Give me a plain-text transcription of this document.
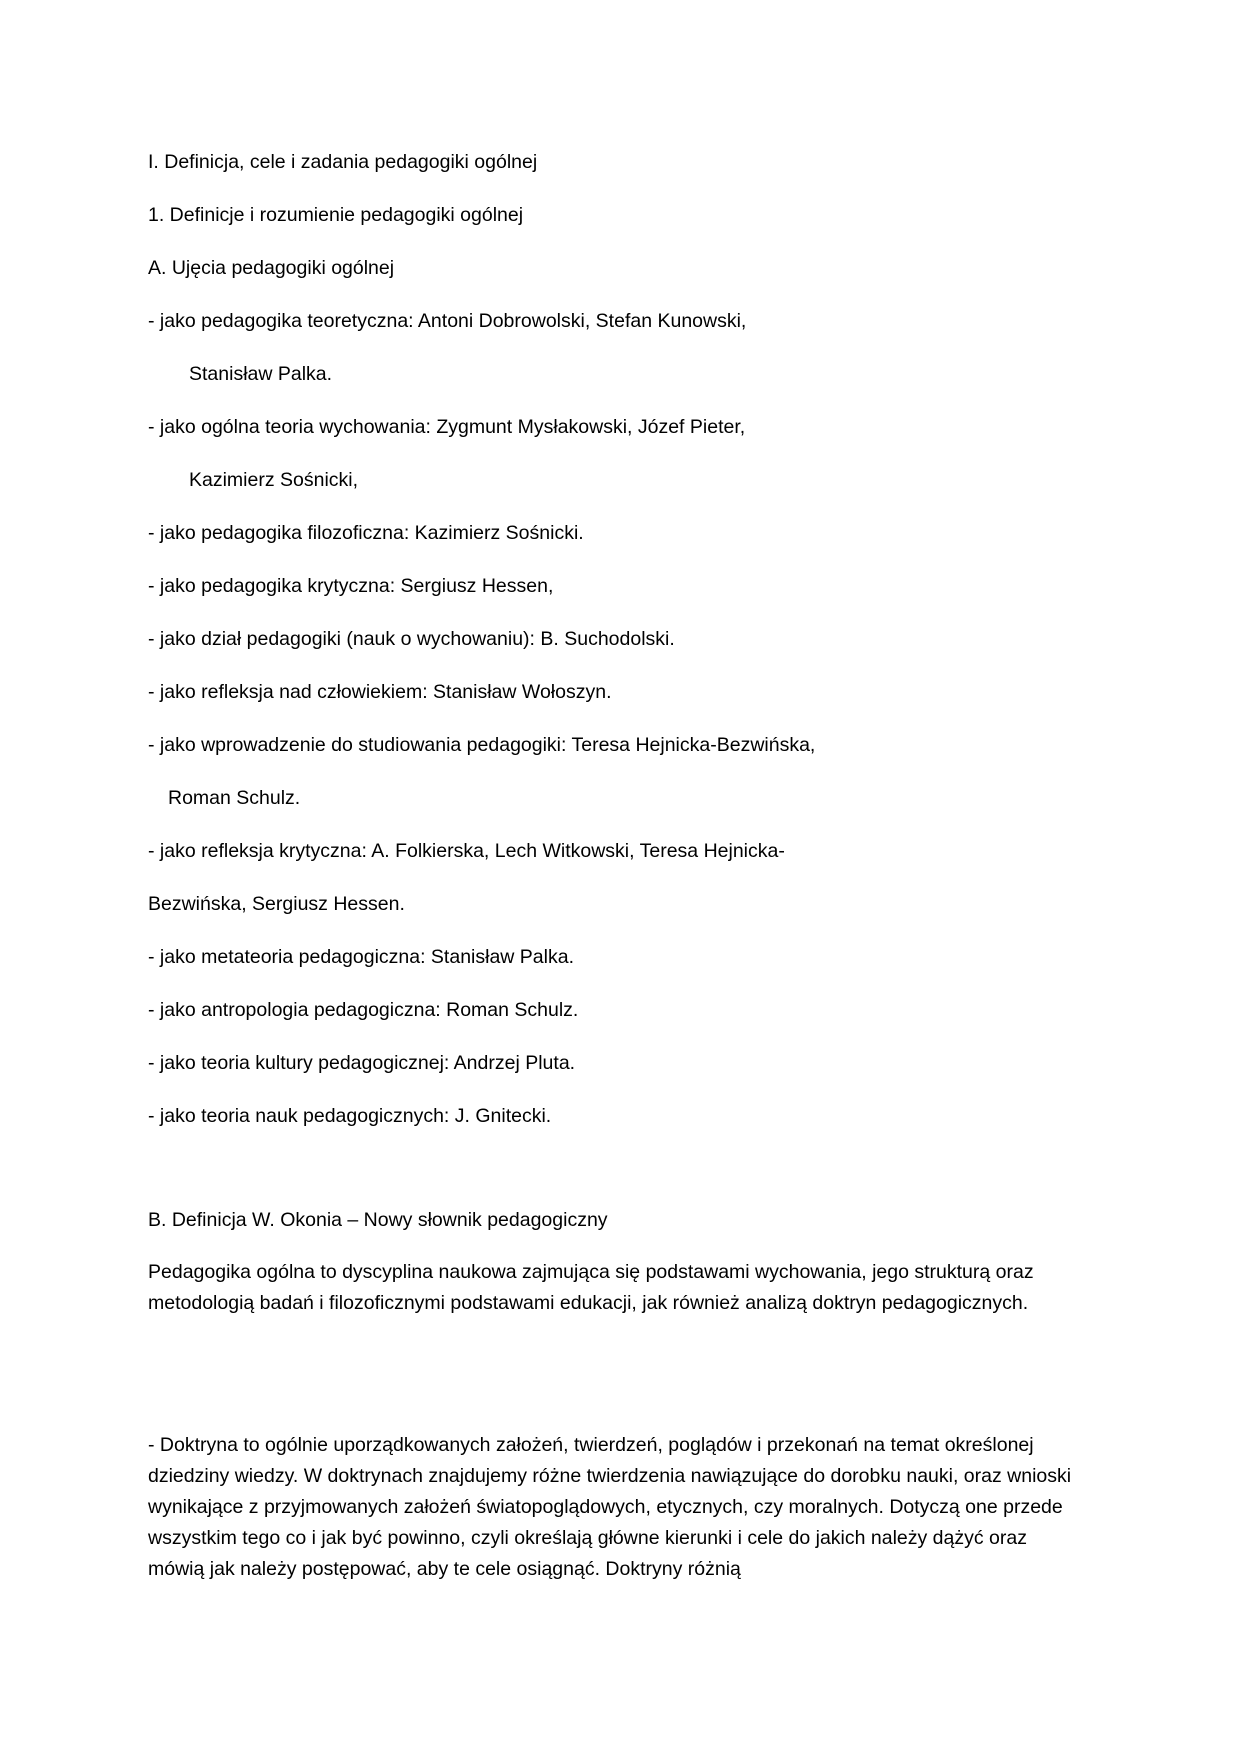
I. Definicja, cele i zadania pedagogiki ogólnej
1. Definicje i rozumienie pedagogiki ogólnej
A. Ujęcia pedagogiki ogólnej
- jako pedagogika teoretyczna: Antoni Dobrowolski, Stefan Kunowski,
Stanisław Palka.
- jako ogólna teoria wychowania: Zygmunt Mysłakowski, Józef Pieter,
Kazimierz Sośnicki,
- jako pedagogika filozoficzna: Kazimierz Sośnicki.
- jako pedagogika krytyczna: Sergiusz Hessen,
- jako dział pedagogiki (nauk o wychowaniu): B. Suchodolski.
- jako refleksja nad człowiekiem: Stanisław Wołoszyn.
- jako wprowadzenie do studiowania pedagogiki: Teresa Hejnicka-Bezwińska,
Roman Schulz.
- jako refleksja krytyczna: A. Folkierska, Lech Witkowski, Teresa Hejnicka-
Bezwińska, Sergiusz Hessen.
- jako metateoria pedagogiczna: Stanisław Palka.
- jako antropologia pedagogiczna: Roman Schulz.
- jako teoria kultury pedagogicznej: Andrzej Pluta.
- jako teoria nauk pedagogicznych: J. Gnitecki.
B. Definicja W. Okonia – Nowy słownik pedagogiczny
Pedagogika ogólna to dyscyplina naukowa zajmująca się podstawami wychowania, jego strukturą oraz metodologią badań i filozoficznymi podstawami edukacji, jak również analizą doktryn pedagogicznych.
- Doktryna to ogólnie uporządkowanych założeń, twierdzeń, poglądów i przekonań na temat określonej dziedziny wiedzy. W doktrynach znajdujemy różne twierdzenia nawiązujące do dorobku nauki, oraz wnioski wynikające z przyjmowanych założeń światopoglądowych, etycznych, czy moralnych. Dotyczą one przede wszystkim tego co i jak być powinno, czyli określają główne kierunki i cele do jakich należy dążyć oraz mówią jak należy postępować, aby te cele osiągnąć. Doktryny różnią
